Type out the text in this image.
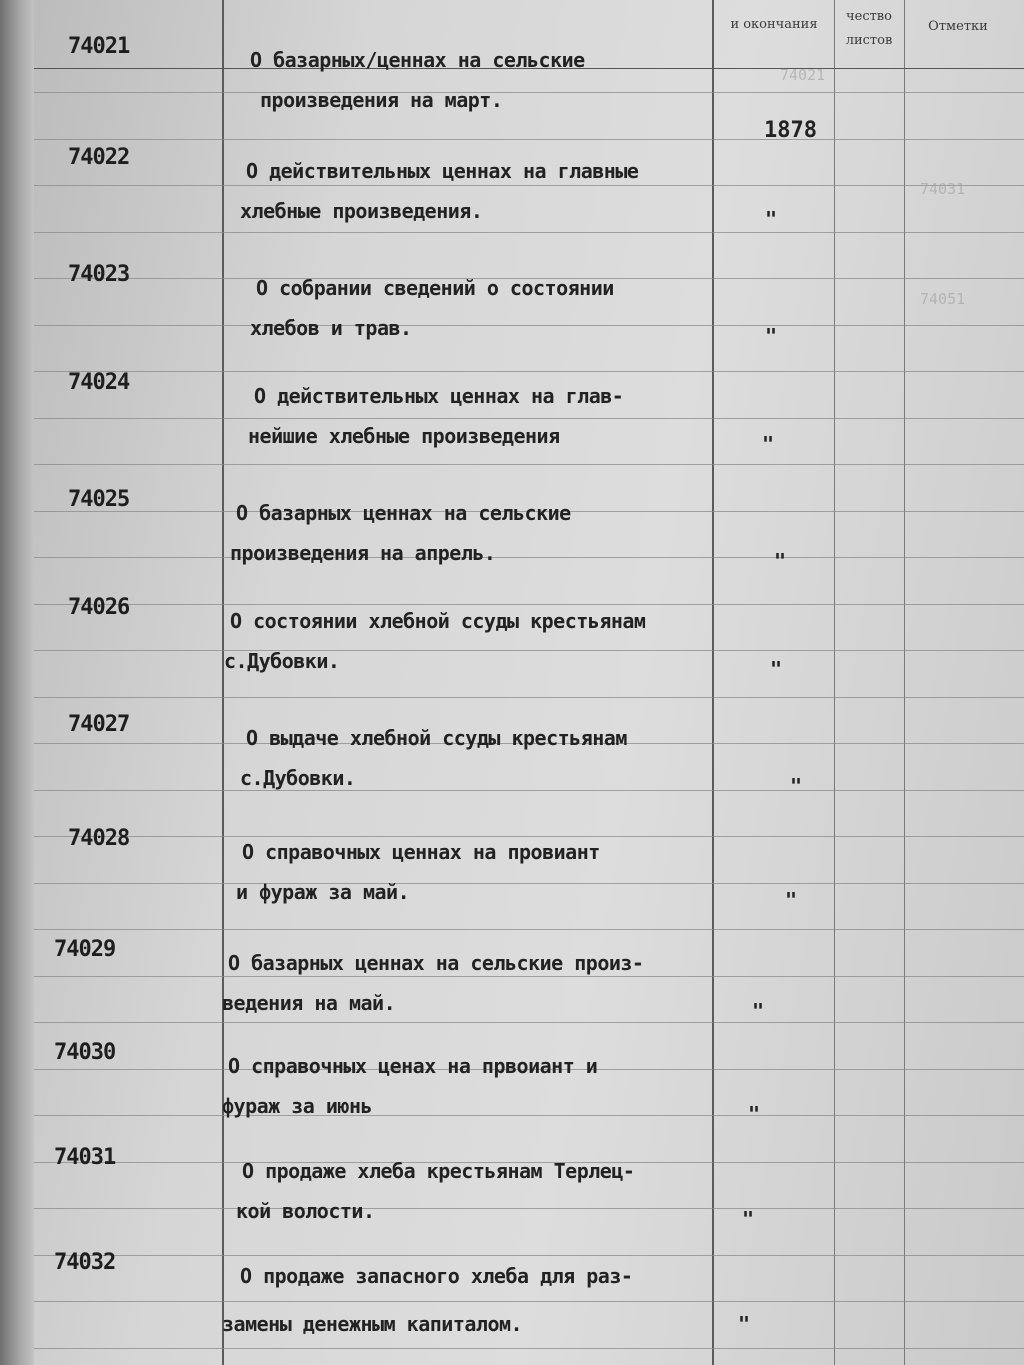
и окончания
чество
листов
Отметки
74021
74031
74051
74021
О базарных/ценнах на сельские
произведения на март.
1878
74022
О действительных ценнах на главные
хлебные произведения.	"
74023
О собрании сведений о состоянии
хлебов и трав.	"
74024
О действительных ценнах на глав-
нейшие хлебные произведения	"
74025
О базарных ценнах на сельские
произведения на апрель.	"
74026
О состоянии хлебной ссуды крестьянам
с.Дубовки.	"
74027
О выдаче хлебной ссуды крестьянам
с.Дубовки.	"
74028
О справочных ценнах на провиант
и фураж за май.	"
74029
О базарных ценнах на сельские произ-
ведения на май.	"
74030
О справочных ценах на првоиант и
фураж за июнь	"
74031
О продаже хлеба крестьянам Терлец-
кой волости.	"
74032
О продаже запасного хлеба для раз-
замены денежным капиталом.	"
